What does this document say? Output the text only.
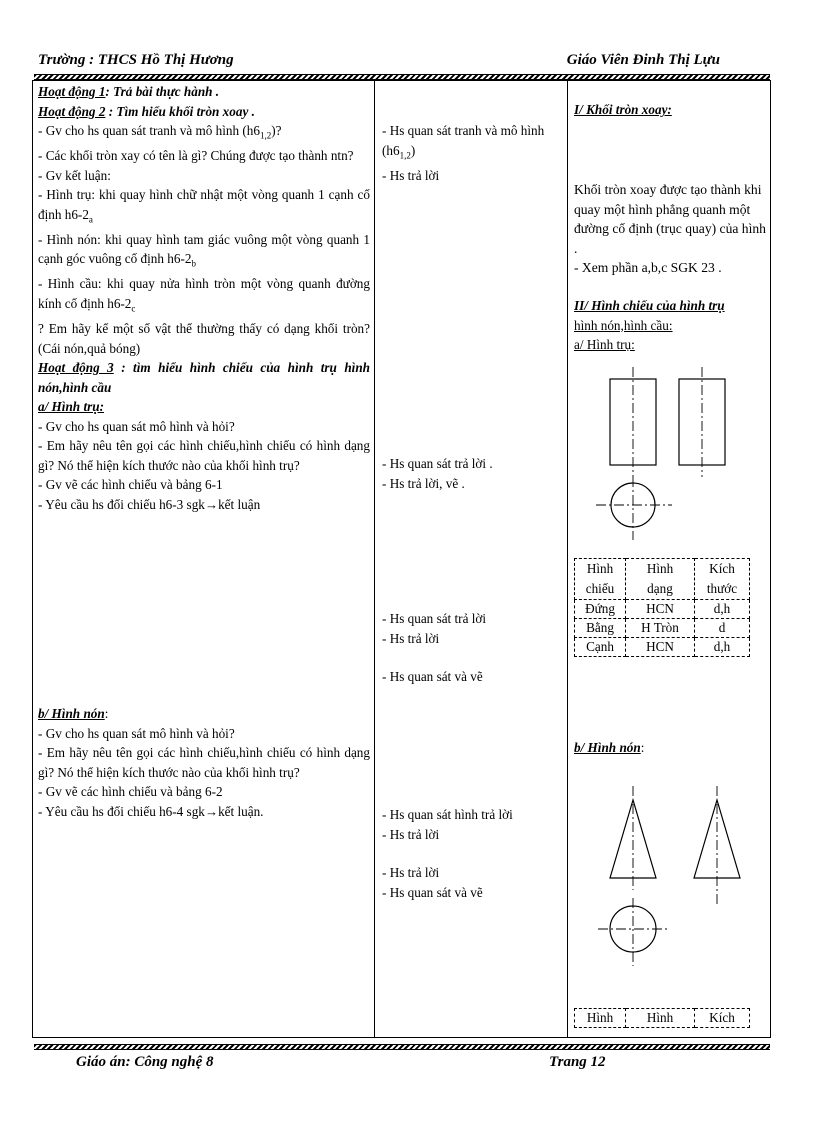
Trường : THCS Hồ Thị Hương	Giáo Viên Đinh Thị Lựu
Hoạt động 1: Trả bài thực hành .
Hoạt động 2 : Tìm hiểu khối tròn xoay .
- Gv cho hs quan sát tranh và mô hình $(h6_{1,2})$?
- Các khối tròn xay có tên là gì? Chúng được tạo thành ntn?
- Gv kết luận:
- Hình trụ: khi quay hình chữ nhật một vòng quanh 1 cạnh cố định $h6-2_a$
- Hình nón: khi quay hình tam giác vuông một vòng quanh 1 cạnh góc vuông cố định $h6-2_b$
- Hình cầu: khi quay nửa hình tròn một vòng quanh đường kính cố định $h6-2_c$
? Em hãy kể một số vật thể thường thấy có dạng khối tròn? (Cái nón,quả bóng)
Hoạt động 3 : tìm hiểu hình chiếu của hình trụ hình nón,hình cầu
a/ Hình trụ:
- Gv cho hs quan sát mô hình và hỏi?
- Em hãy nêu tên gọi các hình chiếu,hình chiếu có hình dạng gì? Nó thể hiện kích thước nào của khối hình trụ?
- Gv vẽ các hình chiếu và bảng 6-1
- Yêu cầu hs đối chiếu h6-3 sgk→kết luận
b/ Hình nón:
- Gv cho hs quan sát mô hình và hỏi?
- Em hãy nêu tên gọi các hình chiếu,hình chiếu có hình dạng gì? Nó thể hiện kích thước nào của khối hình trụ?
- Gv vẽ các hình chiếu và bảng 6-2
- Yêu cầu hs đối chiếu h6-4 sgk→kết luận.
- Hs quan sát tranh và mô hình $(h6_{1,2})$
- Hs trả lời
- Hs quan sát trả lời .
- Hs trả lời, vẽ .
- Hs quan sát trả lời
- Hs trả lời
- Hs quan sát và vẽ
- Hs quan sát hình trả lời
- Hs trả lời
- Hs trả lời
- Hs quan sát và vẽ
I/ Khối tròn xoay:
Khối tròn xoay được tạo thành khi quay một hình phẳng quanh một đường cố định (trục quay) của hình .
- Xem phần a,b,c SGK 23 .
II/ Hình chiếu của hình trụ
hình nón,hình cầu:
a/ Hình trụ:
Hình chiếu	Hình dạng	Kích thước
Đứng	HCN	d,h
Bằng	H Tròn	d
Cạnh	HCN	d,h
b/ Hình nón:
Hình	Hình	Kích
Giáo án: Công nghệ 8	Trang 12
